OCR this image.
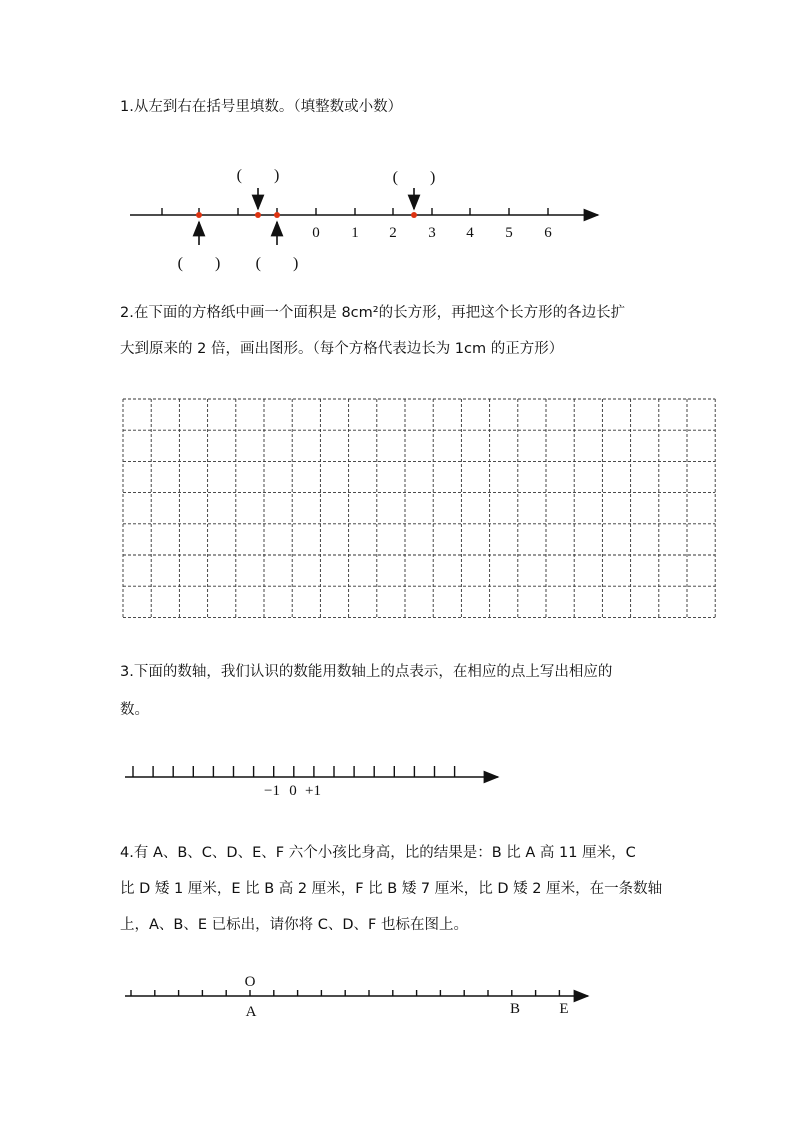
1.从左到右在括号里填数。（填整数或小数）
0 1 2 3 4 5 6
(　　)	(　　)
(　　) (　　)
2.在下面的方格纸中画一个面积是 8cm²的长方形，再把这个长方形的各边长扩
大到原来的 2 倍，画出图形。（每个方格代表边长为 1cm 的正方形）
3.下面的数轴，我们认识的数能用数轴上的点表示，在相应的点上写出相应的
数。
−1 0 +1
4.有 A、B、C、D、E、F 六个小孩比身高，比的结果是：B 比 A 高 11 厘米，C
比 D 矮 1 厘米，E 比 B 高 2 厘米，F 比 B 矮 7 厘米，比 D 矮 2 厘米，在一条数轴
上，A、B、E 已标出，请你将 C、D、F 也标在图上。
O
A	B	E
